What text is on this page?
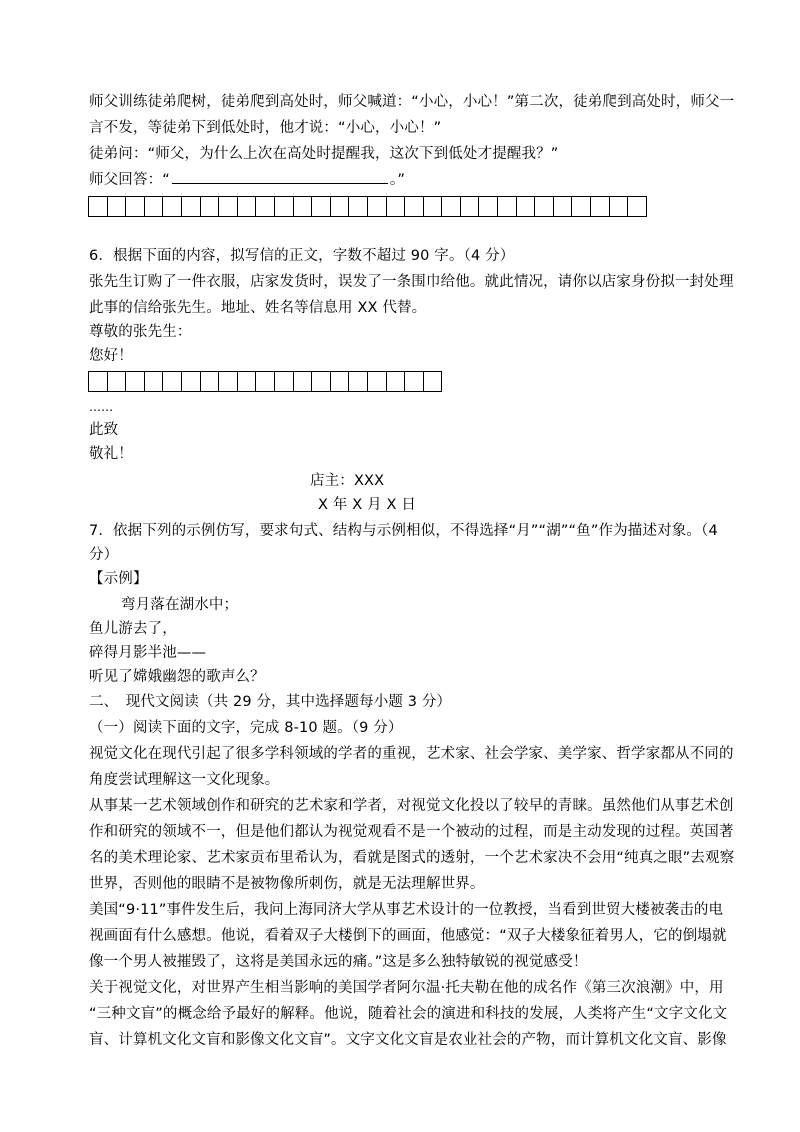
师父训练徒弟爬树，徒弟爬到高处时，师父喊道：“小心，小心！”第二次，徒弟爬到高处时，师父一
言不发，等徒弟下到低处时，他才说：“小心，小心！”
徒弟问：“师父，为什么上次在高处时提醒我，这次下到低处才提醒我？”
师父回答：“	。”
6．根据下面的内容，拟写信的正文，字数不超过 90 字。（4 分）
张先生订购了一件衣服，店家发货时，误发了一条围巾给他。就此情况，请你以店家身份拟一封处理
此事的信给张先生。地址、姓名等信息用 XX 代替。
尊敬的张先生：
您好！
……
此致
敬礼！
店主：XXX
X 年 X 月 X 日
7．依据下列的示例仿写，要求句式、结构与示例相似，不得选择“月”“湖”“鱼”作为描述对象。（4
分）
【示例】
弯月落在湖水中；
鱼儿游去了，
碎得月影半池——
听见了嫦娥幽怨的歌声么？
二、　现代文阅读（共 29 分，其中选择题每小题 3 分）
（一）阅读下面的文字，完成 8-10 题。（9 分）
视觉文化在现代引起了很多学科领域的学者的重视，艺术家、社会学家、美学家、哲学家都从不同的
角度尝试理解这一文化现象。
从事某一艺术领域创作和研究的艺术家和学者，对视觉文化投以了较早的青睐。虽然他们从事艺术创
作和研究的领域不一，但是他们都认为视觉观看不是一个被动的过程，而是主动发现的过程。英国著
名的美术理论家、艺术家贡布里希认为，看就是图式的透射，一个艺术家决不会用“纯真之眼”去观察
世界，否则他的眼睛不是被物像所刺伤，就是无法理解世界。
美国“9·11”事件发生后，我问上海同济大学从事艺术设计的一位教授，当看到世贸大楼被袭击的电
视画面有什么感想。他说，看着双子大楼倒下的画面，他感觉：“双子大楼象征着男人，它的倒塌就
像一个男人被摧毁了，这将是美国永远的痛。”这是多么独特敏锐的视觉感受！
关于视觉文化，对世界产生相当影响的美国学者阿尔温·托夫勒在他的成名作《第三次浪潮》中，用
“三种文盲”的概念给予最好的解释。他说，随着社会的演进和科技的发展，人类将产生“文字文化文
盲、计算机文化文盲和影像文化文盲”。文字文化文盲是农业社会的产物，而计算机文化文盲、影像
